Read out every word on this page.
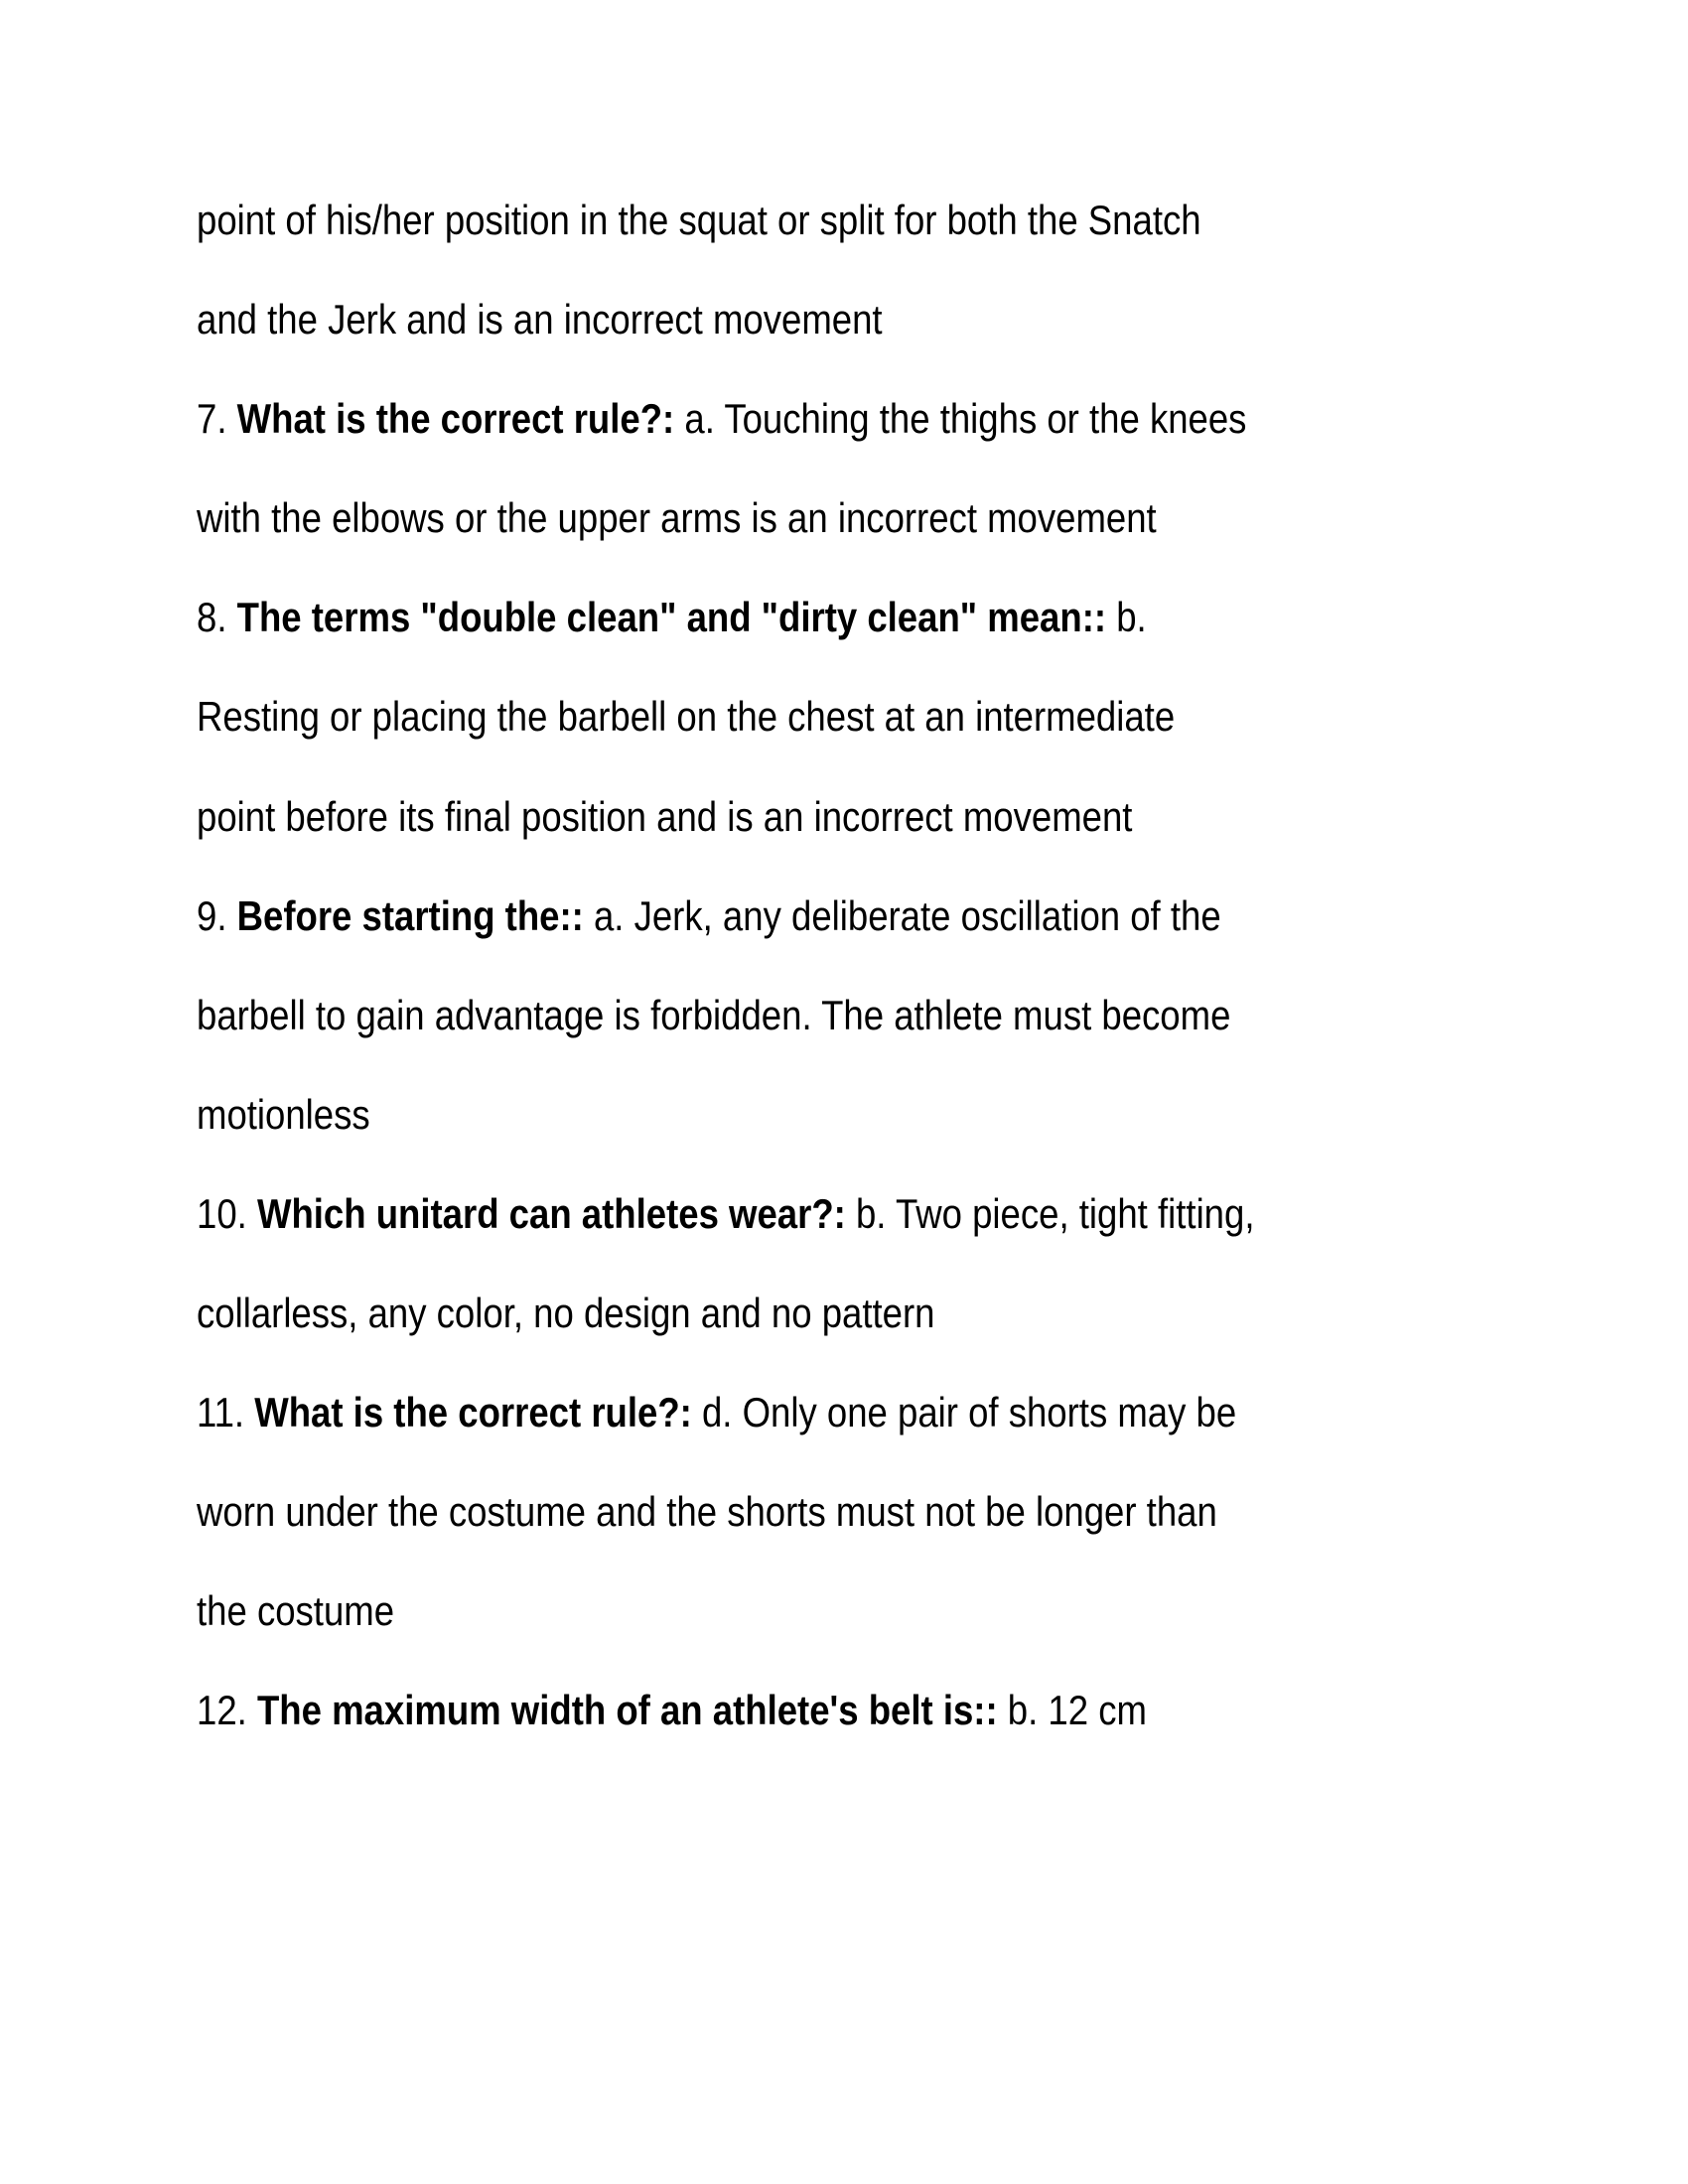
point of his/her position in the squat or split for both the Snatch
and the Jerk and is an incorrect movement
7. What is the correct rule?: a. Touching the thighs or the knees
with the elbows or the upper arms is an incorrect movement
8. The terms "double clean" and "dirty clean" mean:: b.
Resting or placing the barbell on the chest at an intermediate
point before its final position and is an incorrect movement
9. Before starting the:: a. Jerk, any deliberate oscillation of the
barbell to gain advantage is forbidden. The athlete must become
motionless
10. Which unitard can athletes wear?: b. Two piece, tight fitting,
collarless, any color, no design and no pattern
11. What is the correct rule?: d. Only one pair of shorts may be
worn under the costume and the shorts must not be longer than
the costume
12. The maximum width of an athlete's belt is:: b. 12 cm
